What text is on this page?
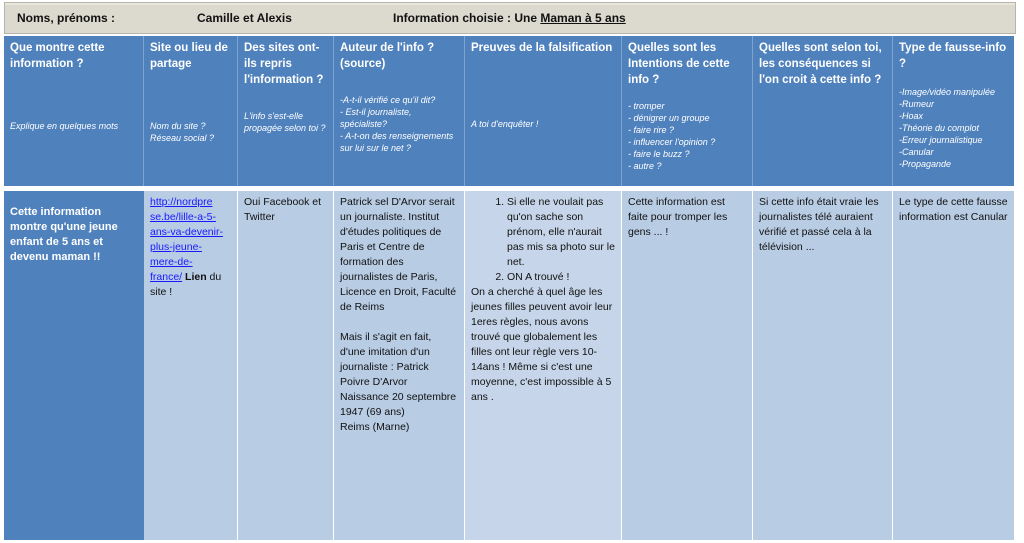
Noms, prénoms :	Camille et Alexis	Information choisie : Une Maman à 5 ans
Que montre cette information ?
Explique en quelques mots
Site ou lieu de partage
Nom du site ?
Réseau social ?
Des sites ont-ils repris l'information ?
L'info s'est-elle propagée selon toi ?
Auteur de l'info ? (source)
-A-t-il vérifié ce qu'il dit?
- Est-il journaliste, spécialiste?
- A-t-on des renseignements sur lui sur le net ?
Preuves de la falsification
A toi d'enquêter !
Quelles sont les Intentions de cette info ?
- tromper
- dénigrer un groupe
- faire rire ?
- influencer l'opinion ?
- faire le buzz ?
- autre ?
Quelles sont selon toi, les conséquences si l'on croit à cette info ?
Type de fausse-info ?
-Image/vidéo manipulée
-Rumeur
-Hoax
-Théorie du complot
-Erreur journalistique
-Canular
-Propagande
Cette information montre qu'une jeune enfant de 5 ans et devenu maman !!
http://nordpre
se.be/lille-a-5-
ans-va-devenir-
plus-jeune-
mere-de-
france/ Lien du site !
Oui Facebook et Twitter
Patrick sel D'Arvor serait un journaliste. Institut d'études politiques de Paris et Centre de formation des journalistes de Paris, Licence en Droit, Faculté de Reims

Mais il s'agit en fait, d'une imitation d'un journaliste : Patrick Poivre D'Arvor
Naissance 20 septembre 1947 (69 ans)
Reims (Marne)
1. Si elle ne voulait pas qu'on sache son prénom, elle n'aurait pas mis sa photo sur le net.
2. ON A trouvé !
On a cherché à quel âge les jeunes filles peuvent avoir leur 1eres règles, nous avons trouvé que globalement les filles ont leur règle vers 10-14ans ! Même si c'est une moyenne, c'est impossible à 5 ans .
Cette information est faite pour tromper les gens ... !
Si cette info était vraie les journalistes télé auraient vérifié et passé cela à la télévision ...
Le type de cette fausse information est Canular
